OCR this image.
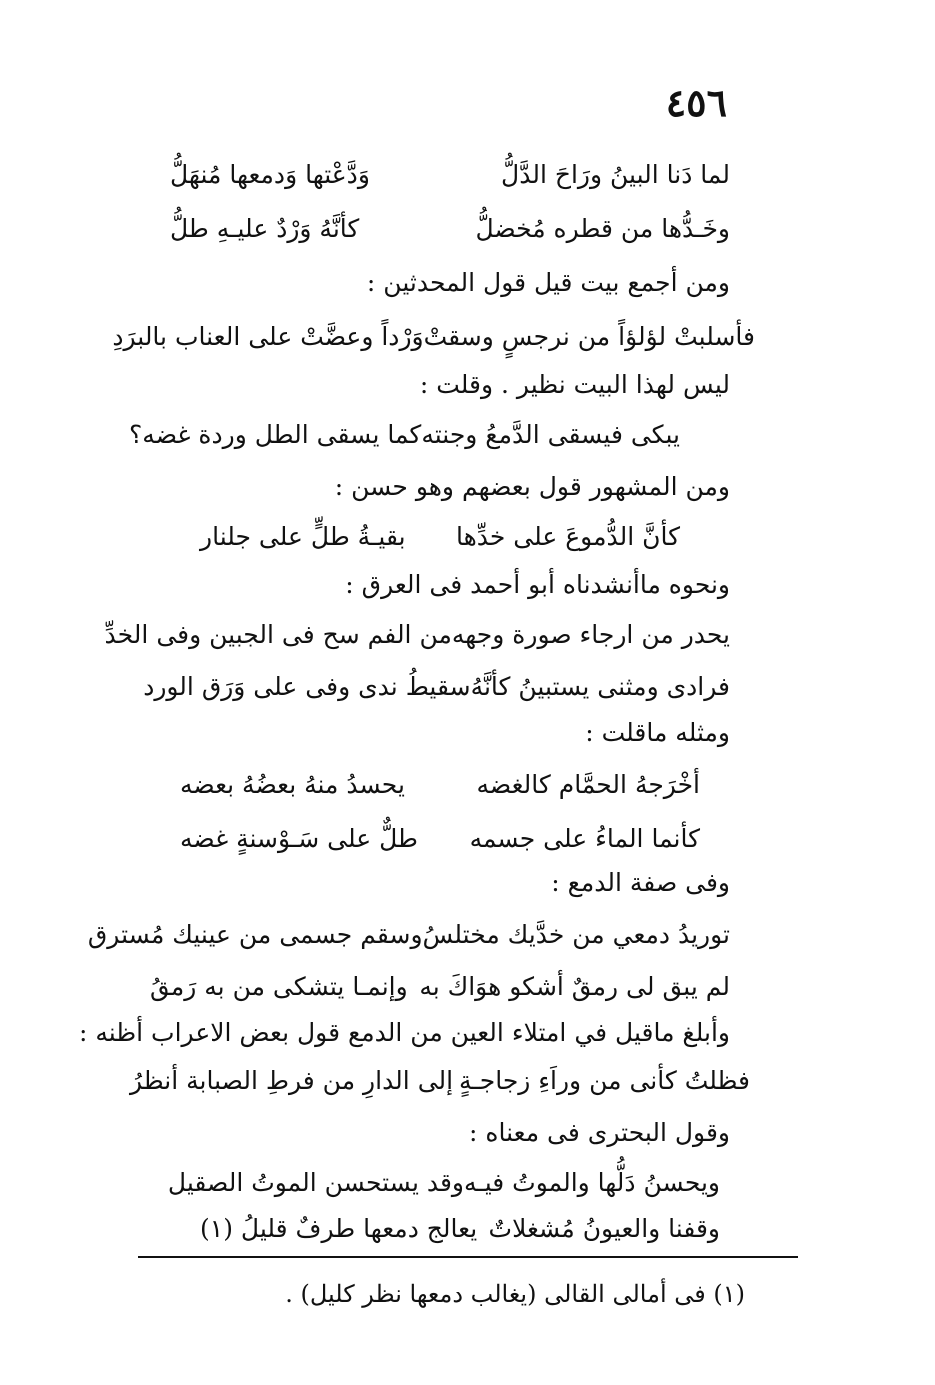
٤٥٦
لما دَنا البينُ ورَاحَ الدَّلُّ
وَدَّعْتها وَدمعها مُنهَلُّ
وخَـدُّها من قطره مُخضلُّ
كأنَّهُ وَرْدٌ عليـهِ طلُّ
ومن أجمع بيت قيل قول المحدثين :
فأسلبتْ لؤلؤاً من نرجسٍ وسقتْ
وَرْداً وعضَّتْ على العناب بالبرَدِ
ليس لهذا البيت نظير . وقلت :
يبكى فيسقى الدَّمعُ وجنته
كما يسقى الطل وردة غضه؟
ومن المشهور قول بعضهم وهو حسن :
كأنَّ الدُّموعَ على خدِّها
بقيـةُ طلٍّ على جلنار
ونحوه ماأنشدناه أبو أحمد فى العرق :
يحدر من ارجاء صورة وجهه
من الفم سح فى الجبين وفى الخدِّ
فرادى ومثنى يستبينُ كأنَّهُ
سقيطُ ندى وفى على وَرَق الورد
ومثله ماقلت :
أخْرَجهُ الحمَّام كالغضه
يحسدُ منهُ بعضُهُ بعضه
كأنما الماءُ على جسمه
طلٌّ على سَـوْسنةٍ غضه
وفى صفة الدمع :
توريدُ دمعي من خدَّيك مختلسُ
وسقم جسمى من عينيك مُسترق
لم يبق لى رمقٌ أشكو هوَاكَ به
وإنمـا يتشكى من به رَمقُ
وأبلغ ماقيل في امتلاء العين من الدمع قول بعض الاعراب أظنه :
فظلتُ كأنى من وراَءِ زجاجـةٍ
إلى الدارِ من فرطِ الصبابة أنظرُ
وقول البحترى فى معناه :
ويحسنُ دَلُّها والموتُ فيـه
وقد يستحسن الموتُ الصقيل
وقفنا والعيونُ مُشغلاتٌ
يعالج دمعها طرفٌ قليلُ (١)
(١) فى أمالى القالى (يغالب دمعها نظر كليل) .
